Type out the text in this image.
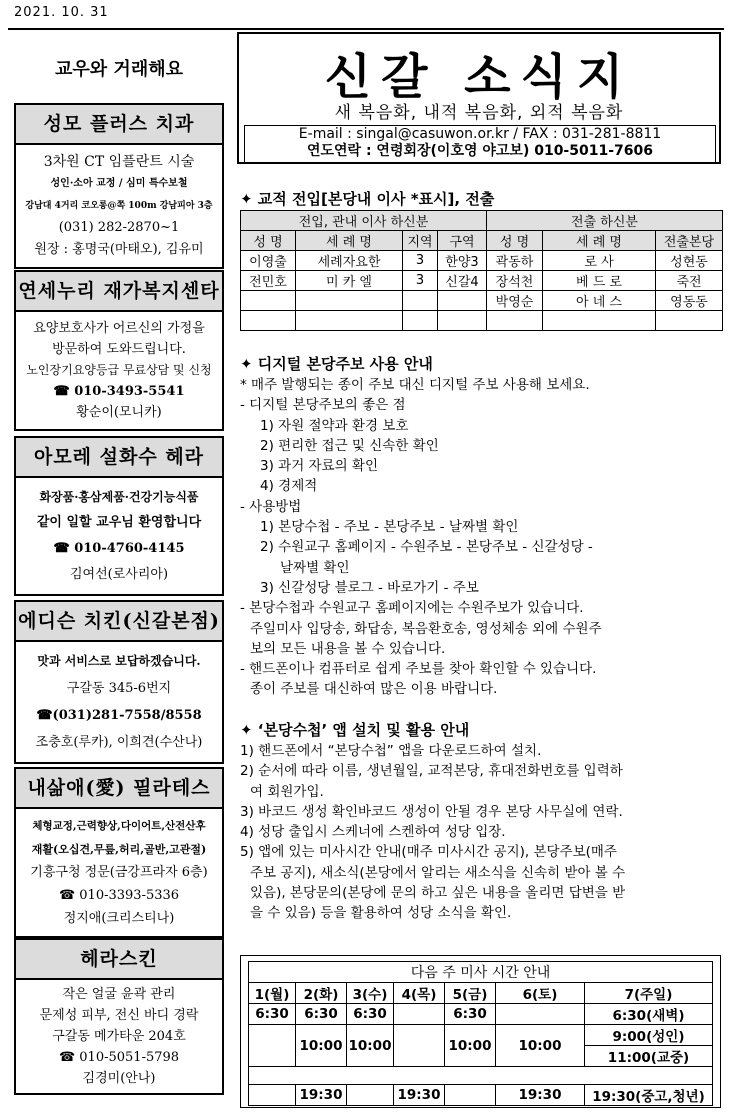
2021. 10. 31
교우와 거래해요
성모 플러스 치과
3차원 CT 임플란트 시술
성인·소아 교정 / 심미 특수보철
강남대 4거리 코오롱@쪽 100m 강남피아 3층
(031) 282-2870~1
원장 : 홍명국(마태오), 김유미
연세누리 재가복지센타
요양보호사가 어르신의 가정을
방문하여 도와드립니다.
노인장기요양등급 무료상담 및 신청
☎ 010-3493-5541
황순이(모니카)
아모레 설화수 헤라
화장품·홍삼제품·건강기능식품
같이 일할 교우님 환영합니다
☎ 010-4760-4145
김여선(로사리아)
에디슨 치킨(신갈본점)
맛과 서비스로 보답하겠습니다.
구갈동 345-6번지
☎(031)281-7558/8558
조충호(루카), 이희견(수산나)
내삶애(愛) 필라테스
체형교정,근력향상,다이어트,산전산후
재활(오십견,무릎,허리,골반,고관절)
기흥구청 정문(금강프라자 6층)
☎ 010-3393-5336
정지애(크리스티나)
헤라스킨
작은 얼굴 윤곽 관리
문제성 피부, 전신 바디 경락
구갈동 메가타운 204호
☎ 010-5051-5798
김경미(안나)
신갈 소식지
새 복음화, 내적 복음화, 외적 복음화
E-mail : singal@casuwon.or.kr / FAX : 031-281-8811
연도연락 : 연령회장(이호영 야고보) 010-5011-7606
✦ 교적 전입[본당내 이사 *표시], 전출
전입, 관내 이사 하신분				전출 하신분		
성 명	세 례 명	지역	구역	성 명	세 례 명	전출본당
이영출	세례자요한	3	한양3	곽동하	로 사	성현동
전민호	미 카 엘	3	신갈4	장석천	베 드 로	죽전
				박영순	아 네 스	영동동

✦ 디지털 본당주보 사용 안내
* 매주 발행되는 종이 주보 대신 디지털 주보 사용해 보세요.
- 디지털 본당주보의 좋은 점
1) 자원 절약과 환경 보호
2) 편리한 접근 및 신속한 확인
3) 과거 자료의 확인
4) 경제적
- 사용방법
1) 본당수첩 - 주보 - 본당주보 - 날짜별 확인
2) 수원교구 홈페이지 - 수원주보 - 본당주보 - 신갈성당 -
날짜별 확인
3) 신갈성당 블로그 - 바로가기 - 주보
- 본당수첩과 수원교구 홈페이지에는 수원주보가 있습니다.
주일미사 입당송, 화답송, 복음환호송, 영성체송 외에 수원주
보의 모든 내용을 볼 수 있습니다.
- 핸드폰이나 컴퓨터로 쉽게 주보를 찾아 확인할 수 있습니다.
종이 주보를 대신하여 많은 이용 바랍니다.
✦ ‘본당수첩’ 앱 설치 및 활용 안내
1) 핸드폰에서 “본당수첩” 앱을 다운로드하여 설치.
2) 순서에 따라 이름, 생년월일, 교적본당, 휴대전화번호를 입력하
여 회원가입.
3) 바코드 생성 확인바코드 생성이 안될 경우 본당 사무실에 연락.
4) 성당 출입시 스케너에 스켄하여 성당 입장.
5) 앱에 있는 미사시간 안내(매주 미사시간 공지), 본당주보(매주
주보 공지), 새소식(본당에서 알리는 새소식을 신속히 받아 볼 수
있음), 본당문의(본당에 문의 하고 싶은 내용을 올리면 답변을 받
을 수 있음) 등을 활용하여 성당 소식을 확인.
다음 주 미사 시간 안내						
1(월)	2(화)	3(수)	4(목)	5(금)	6(토)	7(주일)
6:30	6:30	6:30		6:30		6:30(새벽)
	10:00	10:00		10:00	10:00	9:00(성인)
						11:00(교중)

	19:30		19:30		19:30	19:30(중고,청년)
